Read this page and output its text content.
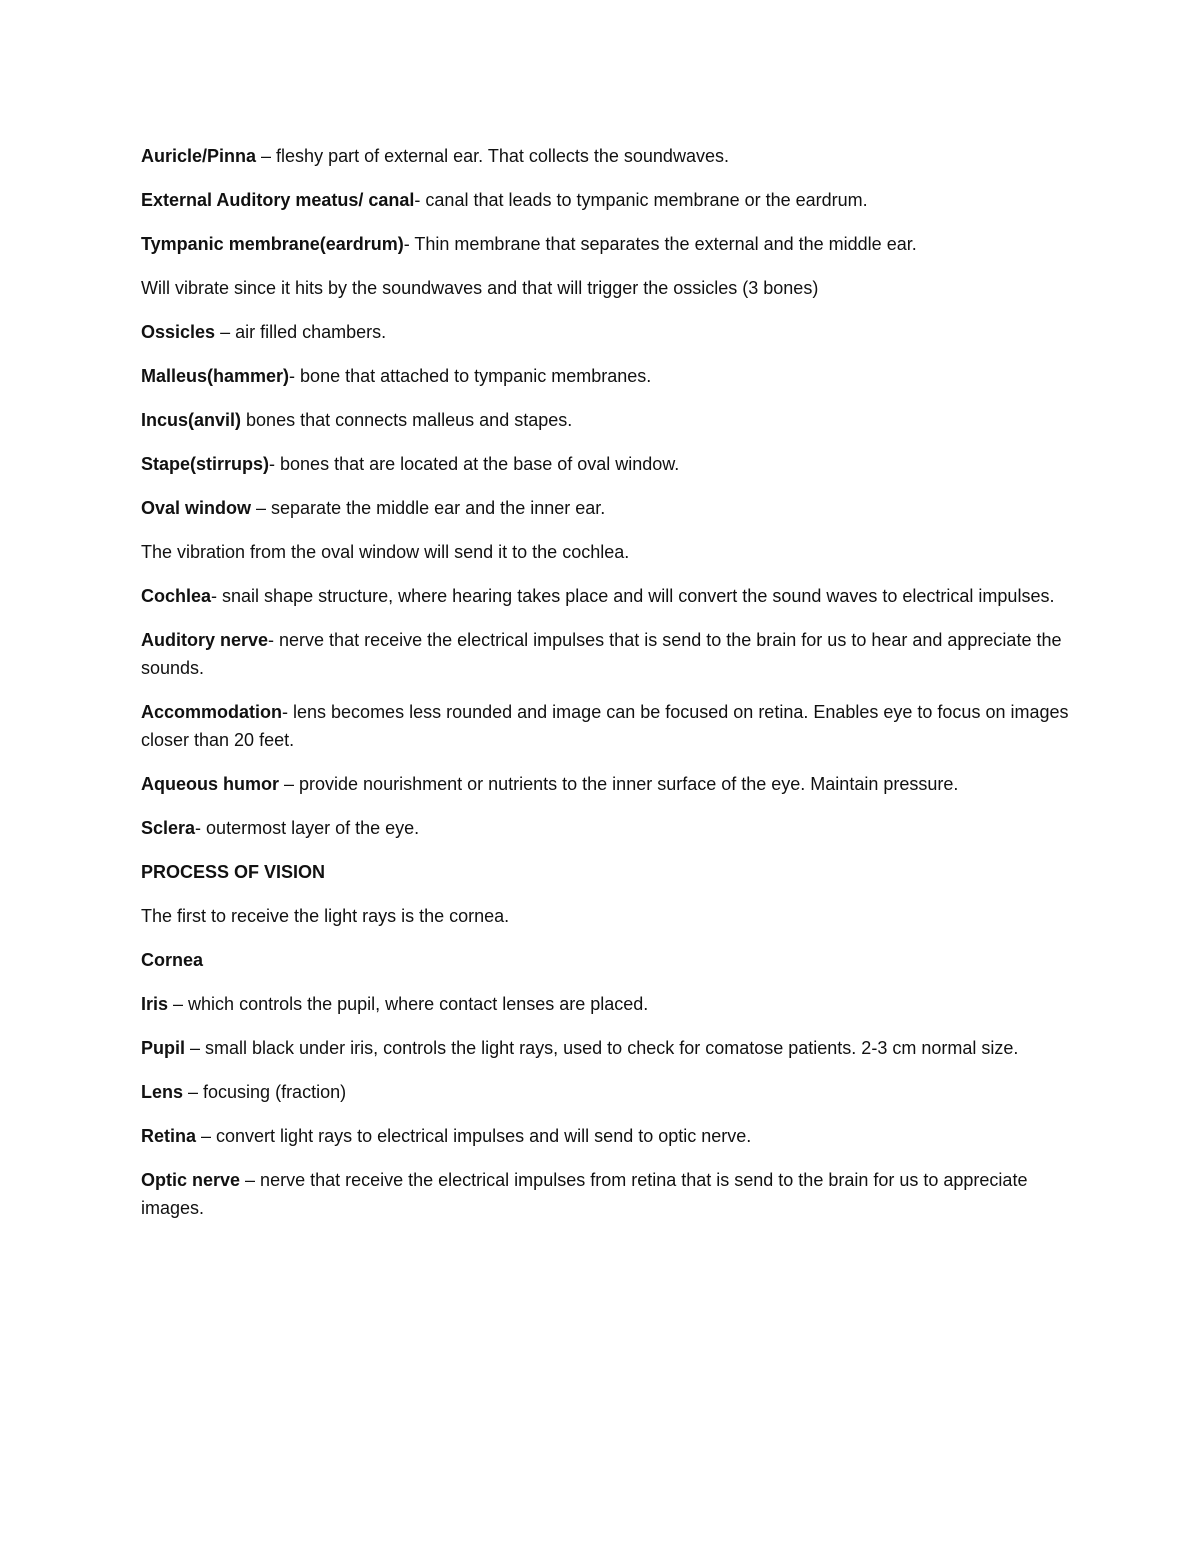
Auricle/Pinna – fleshy part of external ear. That collects the soundwaves.

External Auditory meatus/ canal- canal that leads to tympanic membrane or the eardrum.

Tympanic membrane(eardrum)- Thin membrane that separates the external and the middle ear.

Will vibrate since it hits by the soundwaves and that will trigger the ossicles (3 bones)

Ossicles – air filled chambers.

Malleus(hammer)- bone that attached to tympanic membranes.

Incus(anvil) bones that connects malleus and stapes.

Stape(stirrups)- bones that are located at the base of oval window.

Oval window – separate the middle ear and the inner ear.

The vibration from the oval window will send it to the cochlea.

Cochlea- snail shape structure, where hearing takes place and will convert the sound waves to electrical impulses.

Auditory nerve- nerve that receive the electrical impulses that is send to the brain for us to hear and appreciate the sounds.

Accommodation- lens becomes less rounded and image can be focused on retina. Enables eye to focus on images closer than 20 feet.

Aqueous humor – provide nourishment or nutrients to the inner surface of the eye. Maintain pressure.

Sclera- outermost layer of the eye.

PROCESS OF VISION

The first to receive the light rays is the cornea.

Cornea

Iris – which controls the pupil, where contact lenses are placed.

Pupil – small black under iris, controls the light rays, used to check for comatose patients. 2-3 cm normal size.

Lens – focusing (fraction)

Retina – convert light rays to electrical impulses and will send to optic nerve.

Optic nerve – nerve that receive the electrical impulses from retina that is send to the brain for us to appreciate images.
